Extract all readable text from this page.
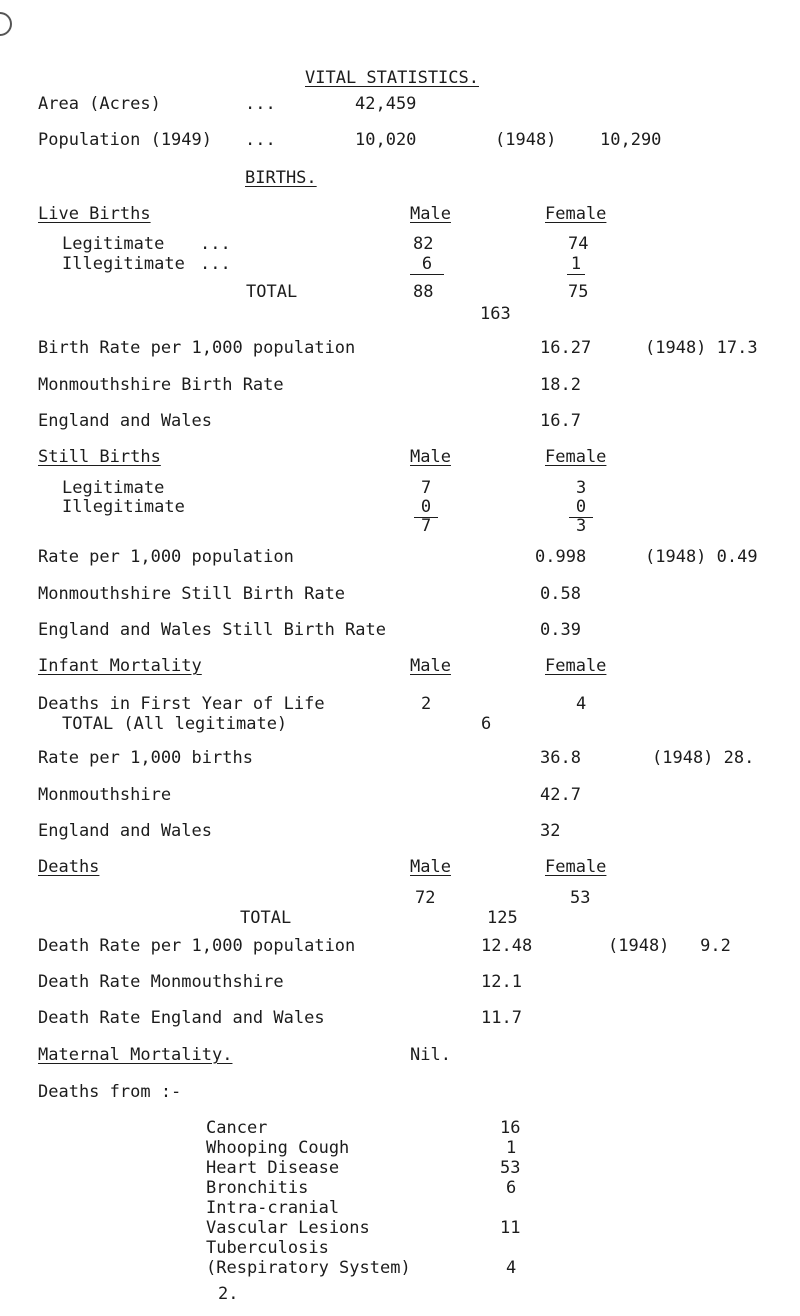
VITAL STATISTICS.
Area (Acres)	...	42,459
Population (1949) ...	10,020	(1948)	10,290
BIRTHS.
Live Births	Male	Female
Legitimate ...	82	74
Illegitimate ...	6	1
TOTAL	88	75
163
Birth Rate per 1,000 population	16.27	(1948) 17.3
Monmouthshire Birth Rate	18.2
England and Wales	16.7
Still Births	Male	Female
Legitimate	7	3
Illegitimate	0	0
7	3
Rate per 1,000 population	0.998	(1948) 0.49
Monmouthshire Still Birth Rate	0.58
England and Wales Still Birth Rate	0.39
Infant Mortality	Male	Female
Deaths in First Year of Life	2	4
TOTAL (All legitimate)	6
Rate per 1,000 births	36.8	(1948) 28.
Monmouthshire	42.7
England and Wales	32
Deaths	Male	Female
72	53
TOTAL	125
Death Rate per 1,000 population	12.48	(1948)   9.2
Death Rate Monmouthshire	12.1
Death Rate England and Wales	11.7
Maternal Mortality.	Nil.
Deaths from :-
Cancer	16
Whooping Cough	1
Heart Disease	53
Bronchitis	6
Intra-cranial
Vascular Lesions	11
Tuberculosis
(Respiratory System)	4
2.
